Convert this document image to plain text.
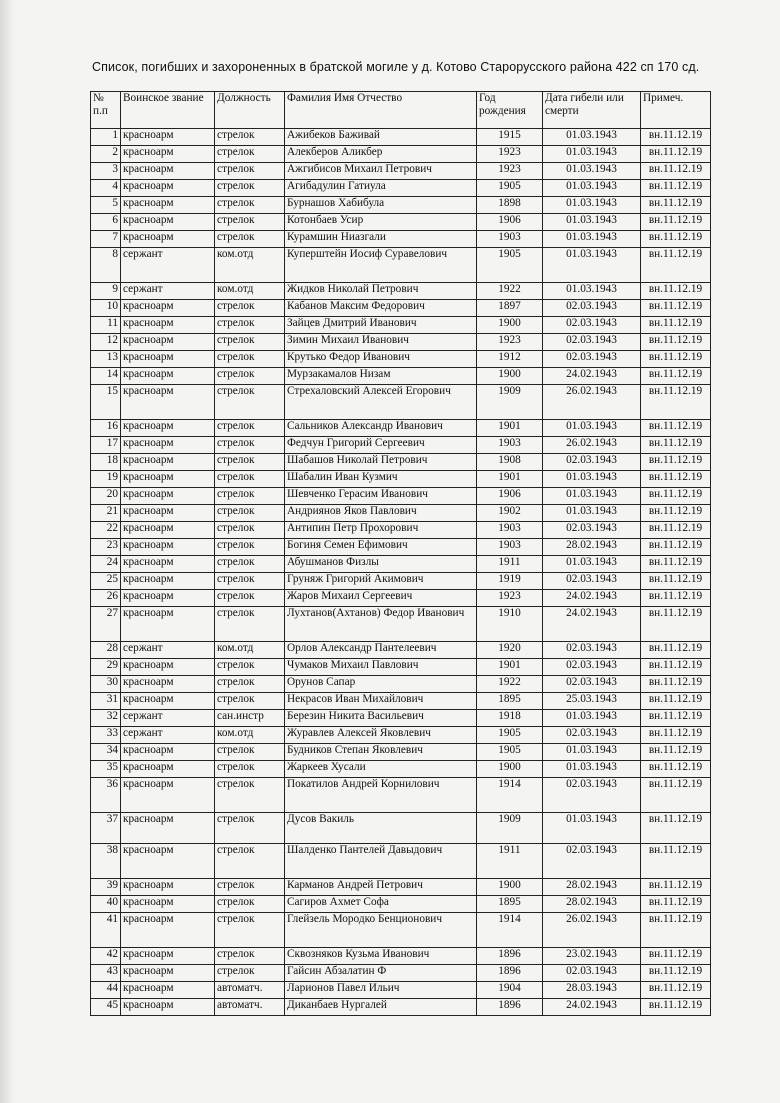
Список, погибших и захороненных в братской могиле у д. Котово Старорусского района 422 сп 170 сд.
№ п.п	Воинское звание	Должность	Фамилия Имя Отчество	Год рождения	Дата гибели или смерти	Примеч.
1	красноарм	стрелок	Ажибеков Баживай	1915	01.03.1943	вн.11.12.19
2	красноарм	стрелок	Алекберов Аликбер	1923	01.03.1943	вн.11.12.19
3	красноарм	стрелок	Ажгибисов Михаил Петрович	1923	01.03.1943	вн.11.12.19
4	красноарм	стрелок	Агибадулин Гатиула	1905	01.03.1943	вн.11.12.19
5	красноарм	стрелок	Бурнашов Хабибула	1898	01.03.1943	вн.11.12.19
6	красноарм	стрелок	Котонбаев Усир	1906	01.03.1943	вн.11.12.19
7	красноарм	стрелок	Курамшин Ниазгали	1903	01.03.1943	вн.11.12.19
8	сержант	ком.отд	Куперштейн Иосиф Суравелович	1905	01.03.1943	вн.11.12.19
9	сержант	ком.отд	Жидков Николай Петрович	1922	01.03.1943	вн.11.12.19
10	красноарм	стрелок	Кабанов Максим Федорович	1897	02.03.1943	вн.11.12.19
11	красноарм	стрелок	Зайцев Дмитрий Иванович	1900	02.03.1943	вн.11.12.19
12	красноарм	стрелок	Зимин Михаил Иванович	1923	02.03.1943	вн.11.12.19
13	красноарм	стрелок	Крутько Федор Иванович	1912	02.03.1943	вн.11.12.19
14	красноарм	стрелок	Мурзакамалов Низам	1900	24.02.1943	вн.11.12.19
15	красноарм	стрелок	Стрехаловский Алексей Егорович	1909	26.02.1943	вн.11.12.19
16	красноарм	стрелок	Сальников Александр Иванович	1901	01.03.1943	вн.11.12.19
17	красноарм	стрелок	Федчун Григорий Сергеевич	1903	26.02.1943	вн.11.12.19
18	красноарм	стрелок	Шабашов Николай Петрович	1908	02.03.1943	вн.11.12.19
19	красноарм	стрелок	Шабалин Иван Кузмич	1901	01.03.1943	вн.11.12.19
20	красноарм	стрелок	Шевченко Герасим Иванович	1906	01.03.1943	вн.11.12.19
21	красноарм	стрелок	Андриянов Яков Павлович	1902	01.03.1943	вн.11.12.19
22	красноарм	стрелок	Антипин Петр Прохорович	1903	02.03.1943	вн.11.12.19
23	красноарм	стрелок	Богиня Семен Ефимович	1903	28.02.1943	вн.11.12.19
24	красноарм	стрелок	Абушманов Физлы	1911	01.03.1943	вн.11.12.19
25	красноарм	стрелок	Груняж Григорий Акимович	1919	02.03.1943	вн.11.12.19
26	красноарм	стрелок	Жаров Михаил Сергеевич	1923	24.02.1943	вн.11.12.19
27	красноарм	стрелок	Лухтанов(Ахтанов) Федор Иванович	1910	24.02.1943	вн.11.12.19
28	сержант	ком.отд	Орлов Александр Пантелеевич	1920	02.03.1943	вн.11.12.19
29	красноарм	стрелок	Чумаков Михаил Павлович	1901	02.03.1943	вн.11.12.19
30	красноарм	стрелок	Орунов Сапар	1922	02.03.1943	вн.11.12.19
31	красноарм	стрелок	Некрасов Иван Михайлович	1895	25.03.1943	вн.11.12.19
32	сержант	сан.инстр	Березин Никита Васильевич	1918	01.03.1943	вн.11.12.19
33	сержант	ком.отд	Журавлев Алексей Яковлевич	1905	02.03.1943	вн.11.12.19
34	красноарм	стрелок	Будников Степан Яковлевич	1905	01.03.1943	вн.11.12.19
35	красноарм	стрелок	Жаркеев Хусали	1900	01.03.1943	вн.11.12.19
36	красноарм	стрелок	Покатилов Андрей Корнилович	1914	02.03.1943	вн.11.12.19
37	красноарм	стрелок	Дусов Вакиль	1909	01.03.1943	вн.11.12.19
38	красноарм	стрелок	Шалденко Пантелей Давыдович	1911	02.03.1943	вн.11.12.19
39	красноарм	стрелок	Карманов Андрей Петрович	1900	28.02.1943	вн.11.12.19
40	красноарм	стрелок	Сагиров Ахмет Софа	1895	28.02.1943	вн.11.12.19
41	красноарм	стрелок	Глейзель Мородко Бенционович	1914	26.02.1943	вн.11.12.19
42	красноарм	стрелок	Сквозняков Кузьма Иванович	1896	23.02.1943	вн.11.12.19
43	красноарм	стрелок	Гайсин Абзалатин Ф	1896	02.03.1943	вн.11.12.19
44	красноарм	автоматч.	Ларионов Павел Ильич	1904	28.03.1943	вн.11.12.19
45	красноарм	автоматч.	Диканбаев Нургалей	1896	24.02.1943	вн.11.12.19
